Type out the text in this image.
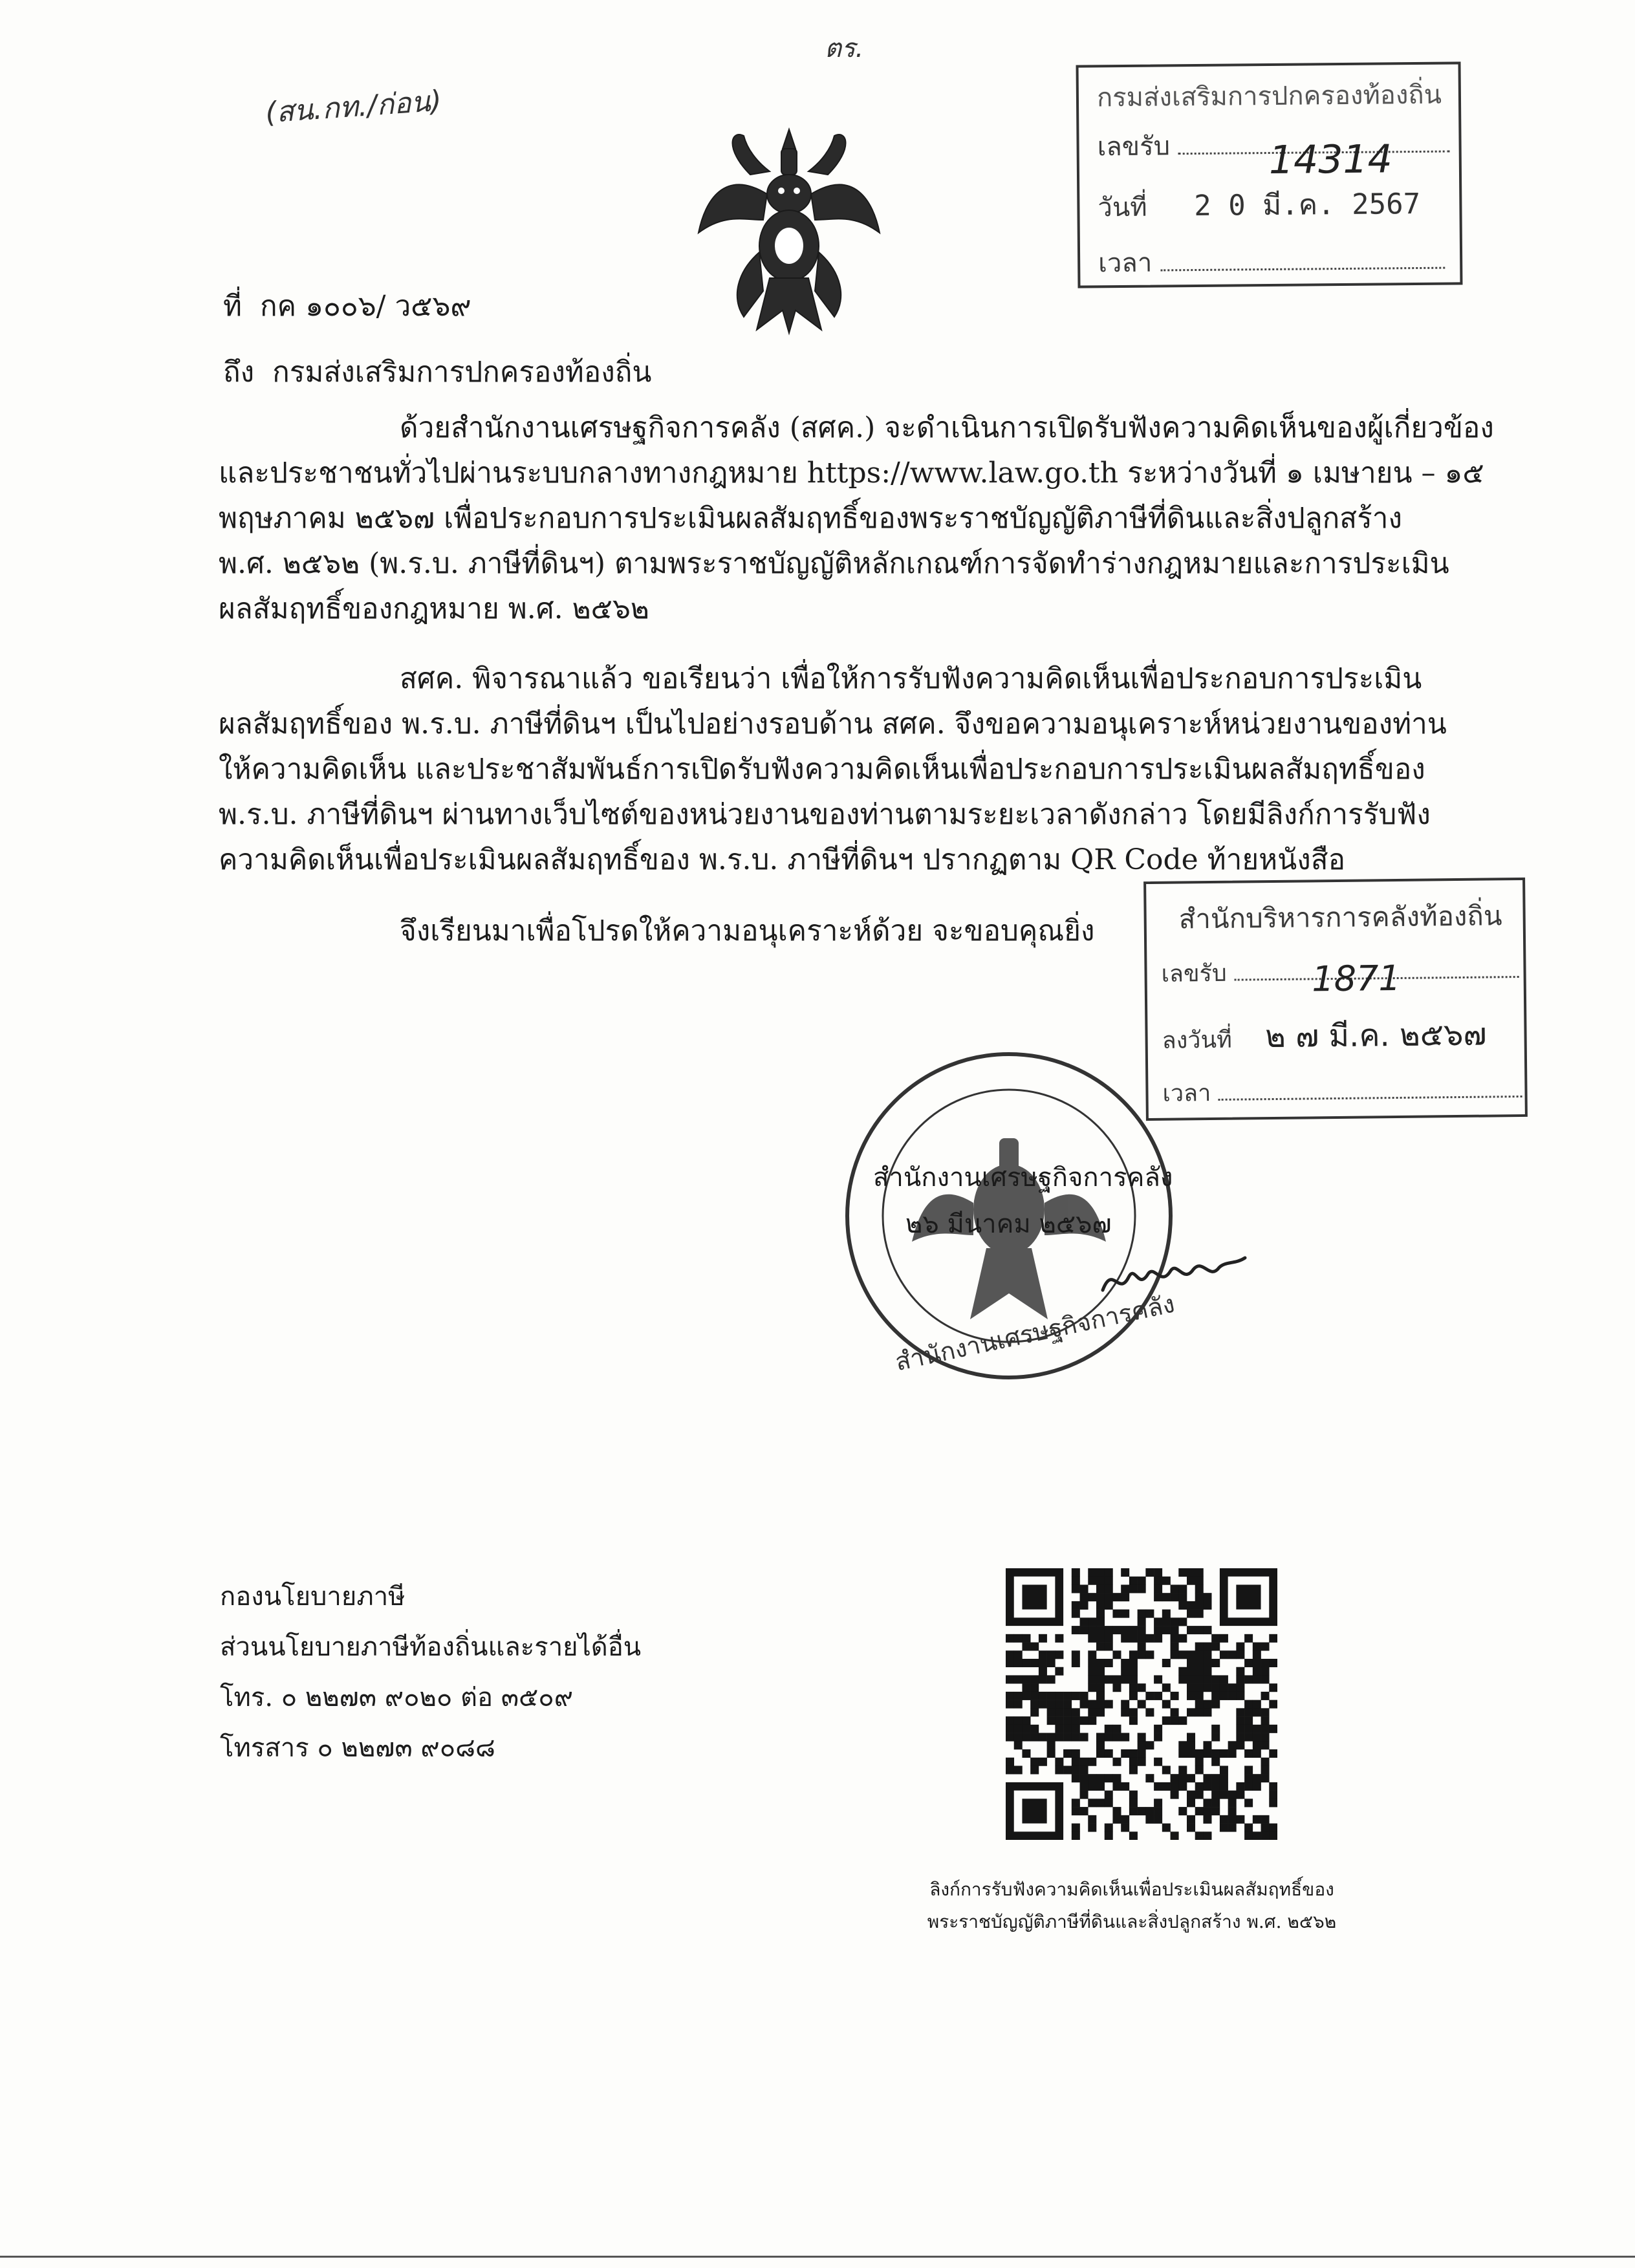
ตร.
(สน.กท./ก่อน)	กรมส่งเสริมการปกครองท้องถิ่น
เลขรับ	14314
วันที่ 2 0 มี.ค. 2567
เวลา
ที่ กค ๑๐๐๖/ ว๕๖๙
ถึง กรมส่งเสริมการปกครองท้องถิ่น
ด้วยสำนักงานเศรษฐกิจการคลัง (สศค.) จะดำเนินการเปิดรับฟังความคิดเห็นของผู้เกี่ยวข้อง
และประชาชนทั่วไปผ่านระบบกลางทางกฎหมาย https://www.law.go.th ระหว่างวันที่ ๑ เมษายน – ๑๕
พฤษภาคม ๒๕๖๗ เพื่อประกอบการประเมินผลสัมฤทธิ์ของพระราชบัญญัติภาษีที่ดินและสิ่งปลูกสร้าง
พ.ศ. ๒๕๖๒ (พ.ร.บ. ภาษีที่ดินฯ) ตามพระราชบัญญัติหลักเกณฑ์การจัดทำร่างกฎหมายและการประเมิน
ผลสัมฤทธิ์ของกฎหมาย พ.ศ. ๒๕๖๒
สศค. พิจารณาแล้ว ขอเรียนว่า เพื่อให้การรับฟังความคิดเห็นเพื่อประกอบการประเมิน
ผลสัมฤทธิ์ของ พ.ร.บ. ภาษีที่ดินฯ เป็นไปอย่างรอบด้าน สศค. จึงขอความอนุเคราะห์หน่วยงานของท่าน
ให้ความคิดเห็น และประชาสัมพันธ์การเปิดรับฟังความคิดเห็นเพื่อประกอบการประเมินผลสัมฤทธิ์ของ
พ.ร.บ. ภาษีที่ดินฯ ผ่านทางเว็บไซต์ของหน่วยงานของท่านตามระยะเวลาดังกล่าว โดยมีลิงก์การรับฟัง
ความคิดเห็นเพื่อประเมินผลสัมฤทธิ์ของ พ.ร.บ. ภาษีที่ดินฯ ปรากฏตาม QR Code ท้ายหนังสือ
จึงเรียนมาเพื่อโปรดให้ความอนุเคราะห์ด้วย จะขอบคุณยิ่ง	สำนักบริหารการคลังท้องถิ่น
เลขรับ 1871
ลงวันที่ ๒ ๗ มี.ค. ๒๕๖๗
เวลา
สำนักงานเศรษฐกิจการคลัง
๒๖ มีนาคม ๒๕๖๗
สำนักงานเศรษฐกิจการคลัง
กองนโยบายภาษี
ส่วนนโยบายภาษีท้องถิ่นและรายได้อื่น
โทร. ๐ ๒๒๗๓ ๙๐๒๐ ต่อ ๓๕๐๙
โทรสาร ๐ ๒๒๗๓ ๙๐๘๘
ลิงก์การรับฟังความคิดเห็นเพื่อประเมินผลสัมฤทธิ์ของ
พระราชบัญญัติภาษีที่ดินและสิ่งปลูกสร้าง พ.ศ. ๒๕๖๒
